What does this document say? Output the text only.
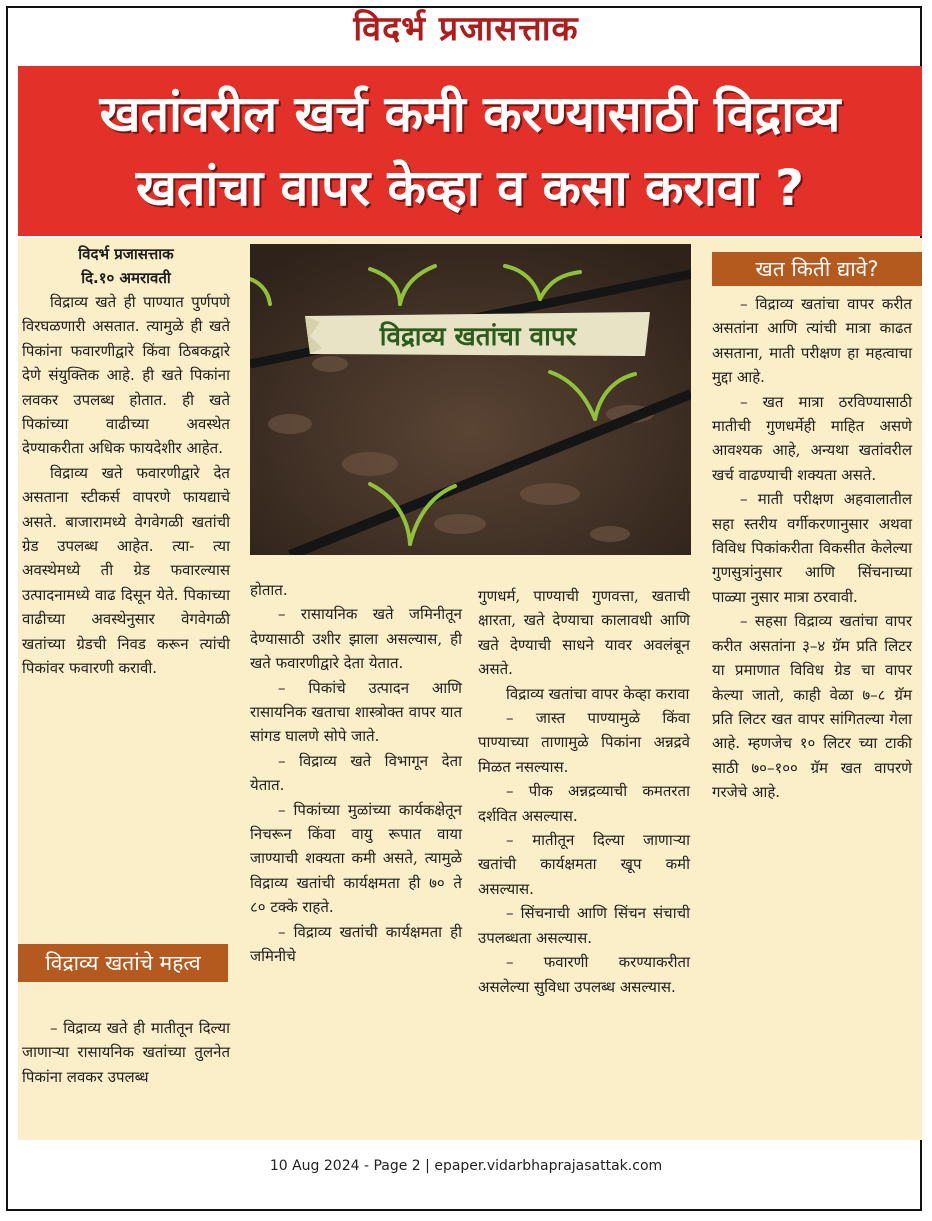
विदर्भ प्रजासत्ताक
खतांवरील खर्च कमी करण्यासाठी विद्राव्य
खतांचा वापर केव्हा व कसा करावा ?
विद्राव्य खतांचा वापर
विदर्भ प्रजासत्ताक
दि.१० अमरावती

विद्राव्य खते ही पाण्यात पुर्णपणे विरघळणारी असतात. त्यामुळे ही खते पिकांना फवारणीद्वारे किंवा ठिबकद्वारे देणे संयुक्तिक आहे. ही खते पिकांना लवकर उपलब्ध होतात. ही खते पिकांच्या वाढीच्या अवस्थेत देण्याकरीता अधिक फायदेशीर आहेत.

विद्राव्य खते फवारणीद्वारे देत असताना स्टीकर्स वापरणे फायद्याचे असते. बाजारामध्ये वेगवेगळी खतांची ग्रेड उपलब्ध आहेत. त्या- त्या अवस्थेमध्ये ती ग्रेड फवारल्यास उत्पादनामध्ये वाढ दिसून येते. पिकाच्या वाढीच्या अवस्थेनुसार वेगवेगळी खतांच्या ग्रेडची निवड करून त्यांची पिकांवर फवारणी करावी.

विद्राव्य खतांचे महत्व

– विद्राव्य खते ही मातीतून दिल्या जाणाऱ्या रासायनिक खतांच्या तुलनेत पिकांना लवकर उपलब्ध

होतात.

– रासायनिक खते जमिनीतून देण्यासाठी उशीर झाला असल्यास, ही खते फवारणीद्वारे देता येतात.

– पिकांचे उत्पादन आणि रासायनिक खताचा शास्त्रोक्त वापर यात सांगड घालणे सोपे जाते.

– विद्राव्य खते विभागून देता येतात.

– पिकांच्या मुळांच्या कार्यकक्षेतून निचरून किंवा वायु रूपात वाया जाण्याची शक्यता कमी असते, त्यामुळे विद्राव्य खतांची कार्यक्षमता ही ७० ते ८० टक्के राहते.

– विद्राव्य खतांची कार्यक्षमता ही जमिनीचे

गुणधर्म, पाण्याची गुणवत्ता, खताची क्षारता, खते देण्याचा कालावधी आणि खते देण्याची साधने यावर अवलंबून असते.

विद्राव्य खतांचा वापर केव्हा करावा

– जास्त पाण्यामुळे किंवा पाण्याच्या ताणामुळे पिकांना अन्नद्रवे मिळत नसल्यास.

– पीक अन्नद्रव्याची कमतरता दर्शवित असल्यास.

– मातीतून दिल्या जाणाऱ्या खतांची कार्यक्षमता खूप कमी असल्यास.

– सिंचनाची आणि सिंचन संचाची उपलब्धता असल्यास.

– फवारणी करण्याकरीता असलेल्या सुविधा उपलब्ध असल्यास.

खत किती द्यावे?

– विद्राव्य खतांचा वापर करीत असतांना आणि त्यांची मात्रा काढत असताना, माती परीक्षण हा महत्वाचा मुद्दा आहे.

– खत मात्रा ठरविण्यासाठी मातीची गुणधर्मेही माहित असणे आवश्यक आहे, अन्यथा खतांवरील खर्च वाढण्याची शक्यता असते.

– माती परीक्षण अहवालातील सहा स्तरीय वर्गीकरणानुसार अथवा विविध पिकांकरीता विकसीत केलेल्या गुणसुत्रांनुसार आणि सिंचनाच्या पाळ्या नुसार मात्रा ठरवावी.

– सहसा विद्राव्य खतांचा वापर करीत असतांना ३–४ ग्रॅम प्रति लिटर या प्रमाणात विविध ग्रेड चा वापर केल्या जातो, काही वेळा ७–८ ग्रॅम प्रति लिटर खत वापर सांगितल्या गेला आहे. म्हणजेच १० लिटर च्या टाकी साठी ७०–१०० ग्रॅम खत वापरणे गरजेचे आहे.

10 Aug 2024 - Page 2 | epaper.vidarbhaprajasattak.com
